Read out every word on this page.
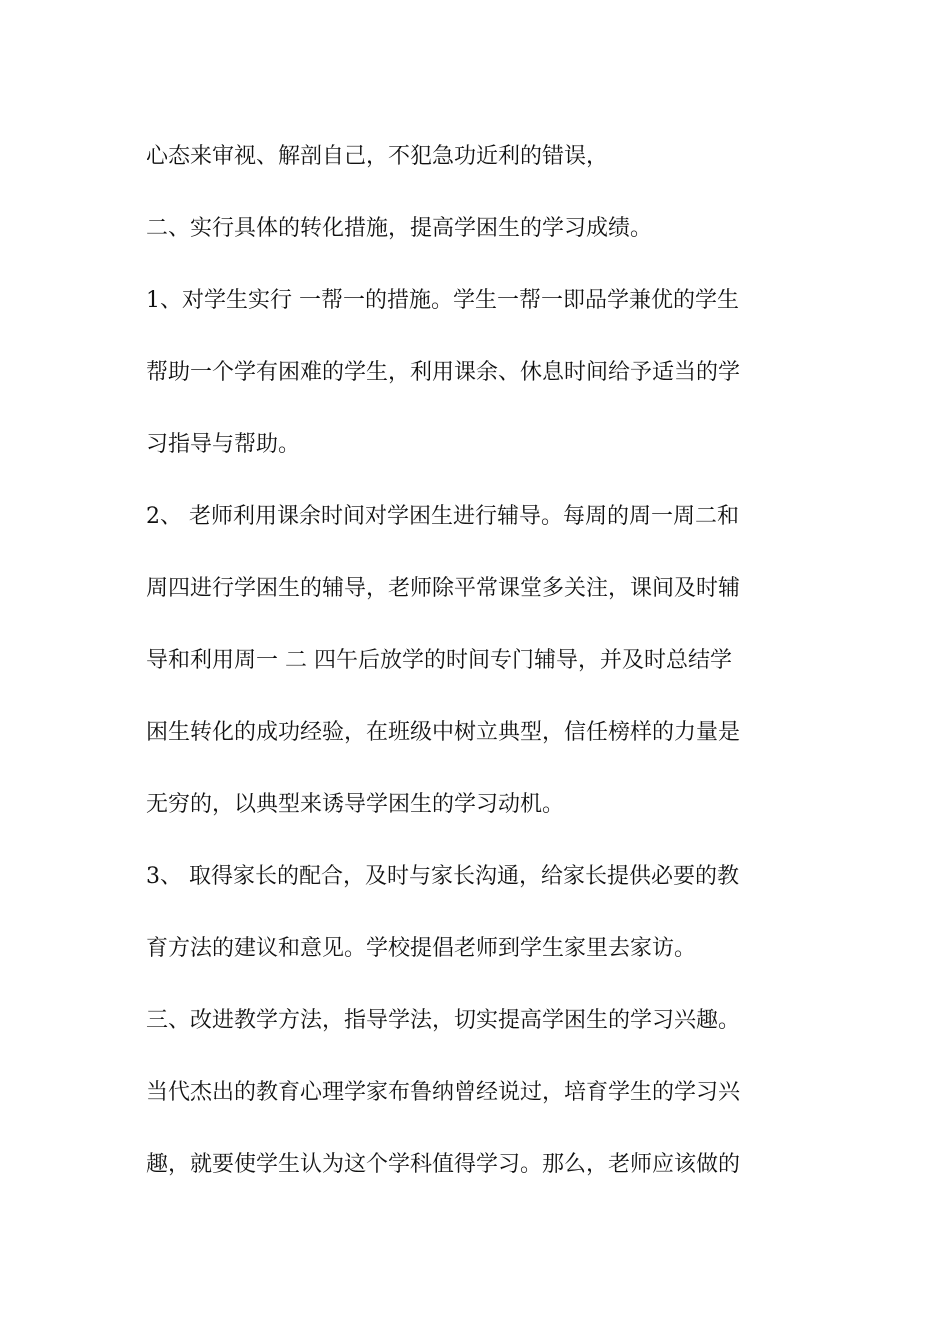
心态来审视、解剖自己，不犯急功近利的错误，
二、实行具体的转化措施，提高学困生的学习成绩。
1、对学生实行 一帮一的措施。学生一帮一即品学兼优的学生
帮助一个学有困难的学生，利用课余、休息时间给予适当的学
习指导与帮助。
2、 老师利用课余时间对学困生进行辅导。每周的周一周二和
周四进行学困生的辅导，老师除平常课堂多关注，课间及时辅
导和利用周一 二 四午后放学的时间专门辅导，并及时总结学
困生转化的成功经验，在班级中树立典型，信任榜样的力量是
无穷的，以典型来诱导学困生的学习动机。
3、 取得家长的配合，及时与家长沟通，给家长提供必要的教
育方法的建议和意见。学校提倡老师到学生家里去家访。
三、改进教学方法，指导学法，切实提高学困生的学习兴趣。
当代杰出的教育心理学家布鲁纳曾经说过，培育学生的学习兴
趣，就要使学生认为这个学科值得学习。那么，老师应该做的
